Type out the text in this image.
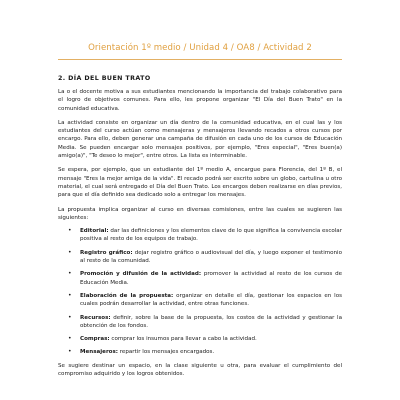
Orientación 1º medio / Unidad 4 / OA8 / Actividad 2
2. DÍA DEL BUEN TRATO

La o el docente motiva a sus estudiantes mencionando la importancia del trabajo colaborativo para el logro de objetivos comunes. Para ello, les propone organizar "El Día del Buen Trato" en la comunidad educativa.

La actividad consiste en organizar un día dentro de la comunidad educativa, en el cual las y los estudiantes del curso actúan como mensajeras y mensajeros llevando recados a otros cursos por encargo. Para ello, deben generar una campaña de difusión en cada uno de los cursos de Educación Media. Se pueden encargar solo mensajes positivos, por ejemplo, "Eres especial", "Eres buen(a) amigo(a)", "Te deseo lo mejor", entre otros. La lista es interminable.

Se espera, por ejemplo, que un estudiante del 1º medio A, encargue para Florencia, del 1º B, el mensaje "Eres la mejor amiga de la vida". El recado podrá ser escrito sobre un globo, cartulina u otro material, el cual será entregado el Día del Buen Trato. Los encargos deben realizarse en días previos, para que el día definido sea dedicado solo a entregar los mensajes.

La propuesta implica organizar al curso en diversas comisiones, entre las cuales se sugieren las siguientes:

• Editorial: dar las definiciones y los elementos clave de lo que significa la convivencia escolar positiva al resto de los equipos de trabajo.
• Registro gráfico: dejar registro gráfico o audiovisual del día, y luego exponer el testimonio al resto de la comunidad.
• Promoción y difusión de la actividad: promover la actividad al resto de los cursos de Educación Media.
• Elaboración de la propuesta: organizar en detalle el día, gestionar los espacios en los cuales podrán desarrollar la actividad, entre otras funciones.
• Recursos: definir, sobre la base de la propuesta, los costos de la actividad y gestionar la obtención de los fondos.
• Compras: comprar los insumos para llevar a cabo la actividad.
• Mensajeros: repartir los mensajes encargados.

Se sugiere destinar un espacio, en la clase siguiente u otra, para evaluar el cumplimiento del compromiso adquirido y los logros obtenidos.
